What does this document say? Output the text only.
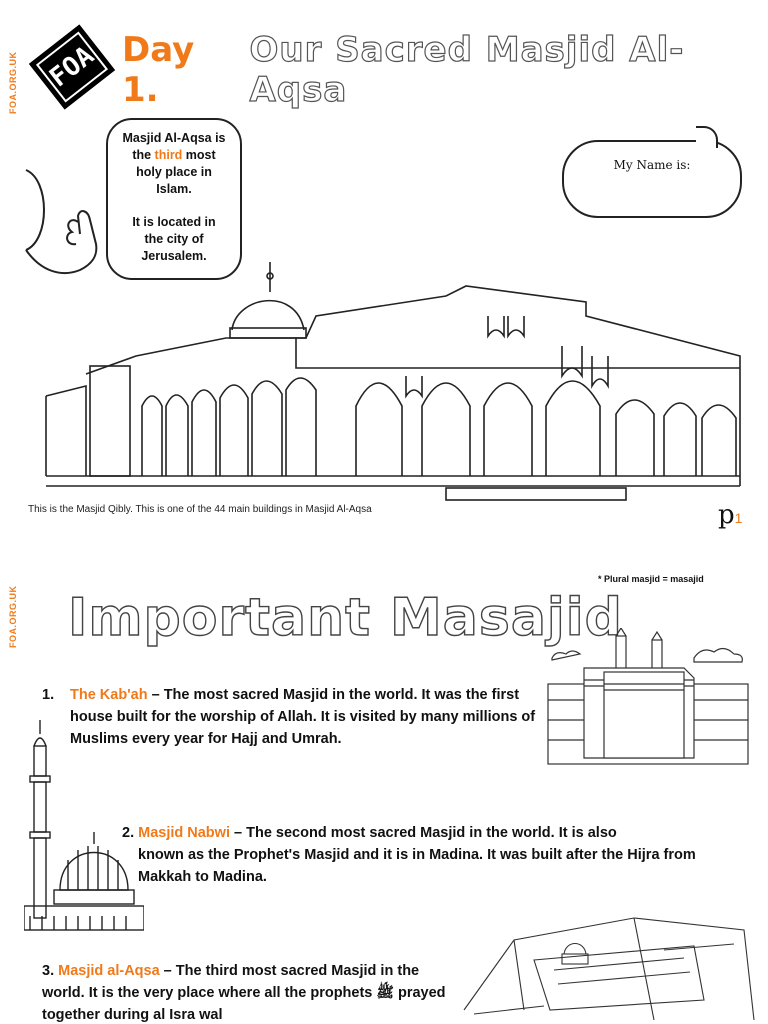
FOA.ORG.UK
FOA.ORG.UK
FOA Day 1.
Our Sacred Masjid Al-Aqsa

Masjid Al-Aqsa is
the third most
holy place in
Islam.

It is located in
the city of
Jerusalem.

My Name is:
This is the Masjid Qibly. This is one of the 44 main buildings in Masjid Al-Aqsa	p1
* Plural masjid = masajid
Important Masajid
1. The Kab'ah – The most sacred Masjid in the world. It was the first house built for the worship of Allah. It is visited by many millions of Muslims every year for Hajj and Umrah.
2. Masjid Nabwi – The second most sacred Masjid in the world. It is also
known as the Prophet's Masjid and it is in Madina. It was built after the Hijra from Makkah to Madina.
3. Masjid al-Aqsa – The third most sacred Masjid in the world. It is the very place where all the prophets ﷺ prayed together during al Isra wal
